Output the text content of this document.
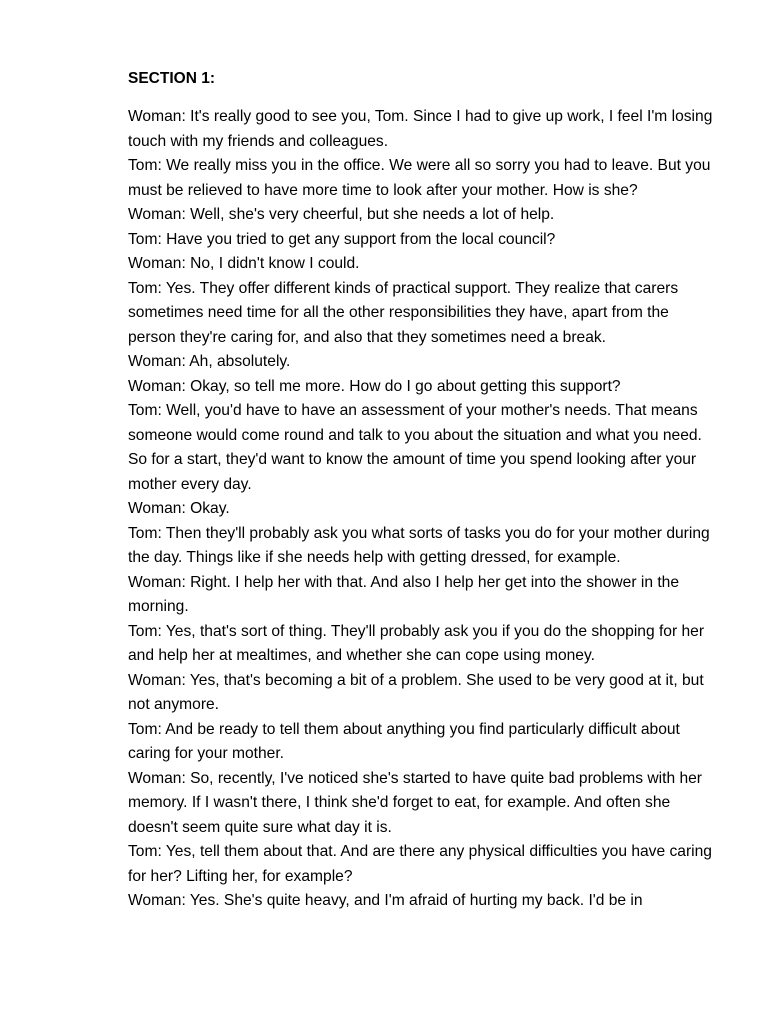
SECTION 1:

Woman: It's really good to see you, Tom. Since I had to give up work, I feel I'm losing touch with my friends and colleagues.

Tom: We really miss you in the office. We were all so sorry you had to leave. But you must be relieved to have more time to look after your mother. How is she?

Woman: Well, she's very cheerful, but she needs a lot of help.

Tom: Have you tried to get any support from the local council?

Woman: No, I didn't know I could.

Tom: Yes. They offer different kinds of practical support. They realize that carers sometimes need time for all the other responsibilities they have, apart from the person they're caring for, and also that they sometimes need a break.

Woman: Ah, absolutely.

Woman: Okay, so tell me more. How do I go about getting this support?

Tom: Well, you'd have to have an assessment of your mother's needs. That means someone would come round and talk to you about the situation and what you need. So for a start, they'd want to know the amount of time you spend looking after your mother every day.

Woman: Okay.

Tom: Then they'll probably ask you what sorts of tasks you do for your mother during the day. Things like if she needs help with getting dressed, for example.

Woman: Right. I help her with that. And also I help her get into the shower in the morning.

Tom: Yes, that's sort of thing. They'll probably ask you if you do the shopping for her and help her at mealtimes, and whether she can cope using money.

Woman: Yes, that's becoming a bit of a problem. She used to be very good at it, but not anymore.

Tom: And be ready to tell them about anything you find particularly difficult about caring for your mother.

Woman: So, recently, I've noticed she's started to have quite bad problems with her memory. If I wasn't there, I think she'd forget to eat, for example. And often she doesn't seem quite sure what day it is.

Tom: Yes, tell them about that. And are there any physical difficulties you have caring for her? Lifting her, for example?

Woman: Yes. She's quite heavy, and I'm afraid of hurting my back. I'd be in
